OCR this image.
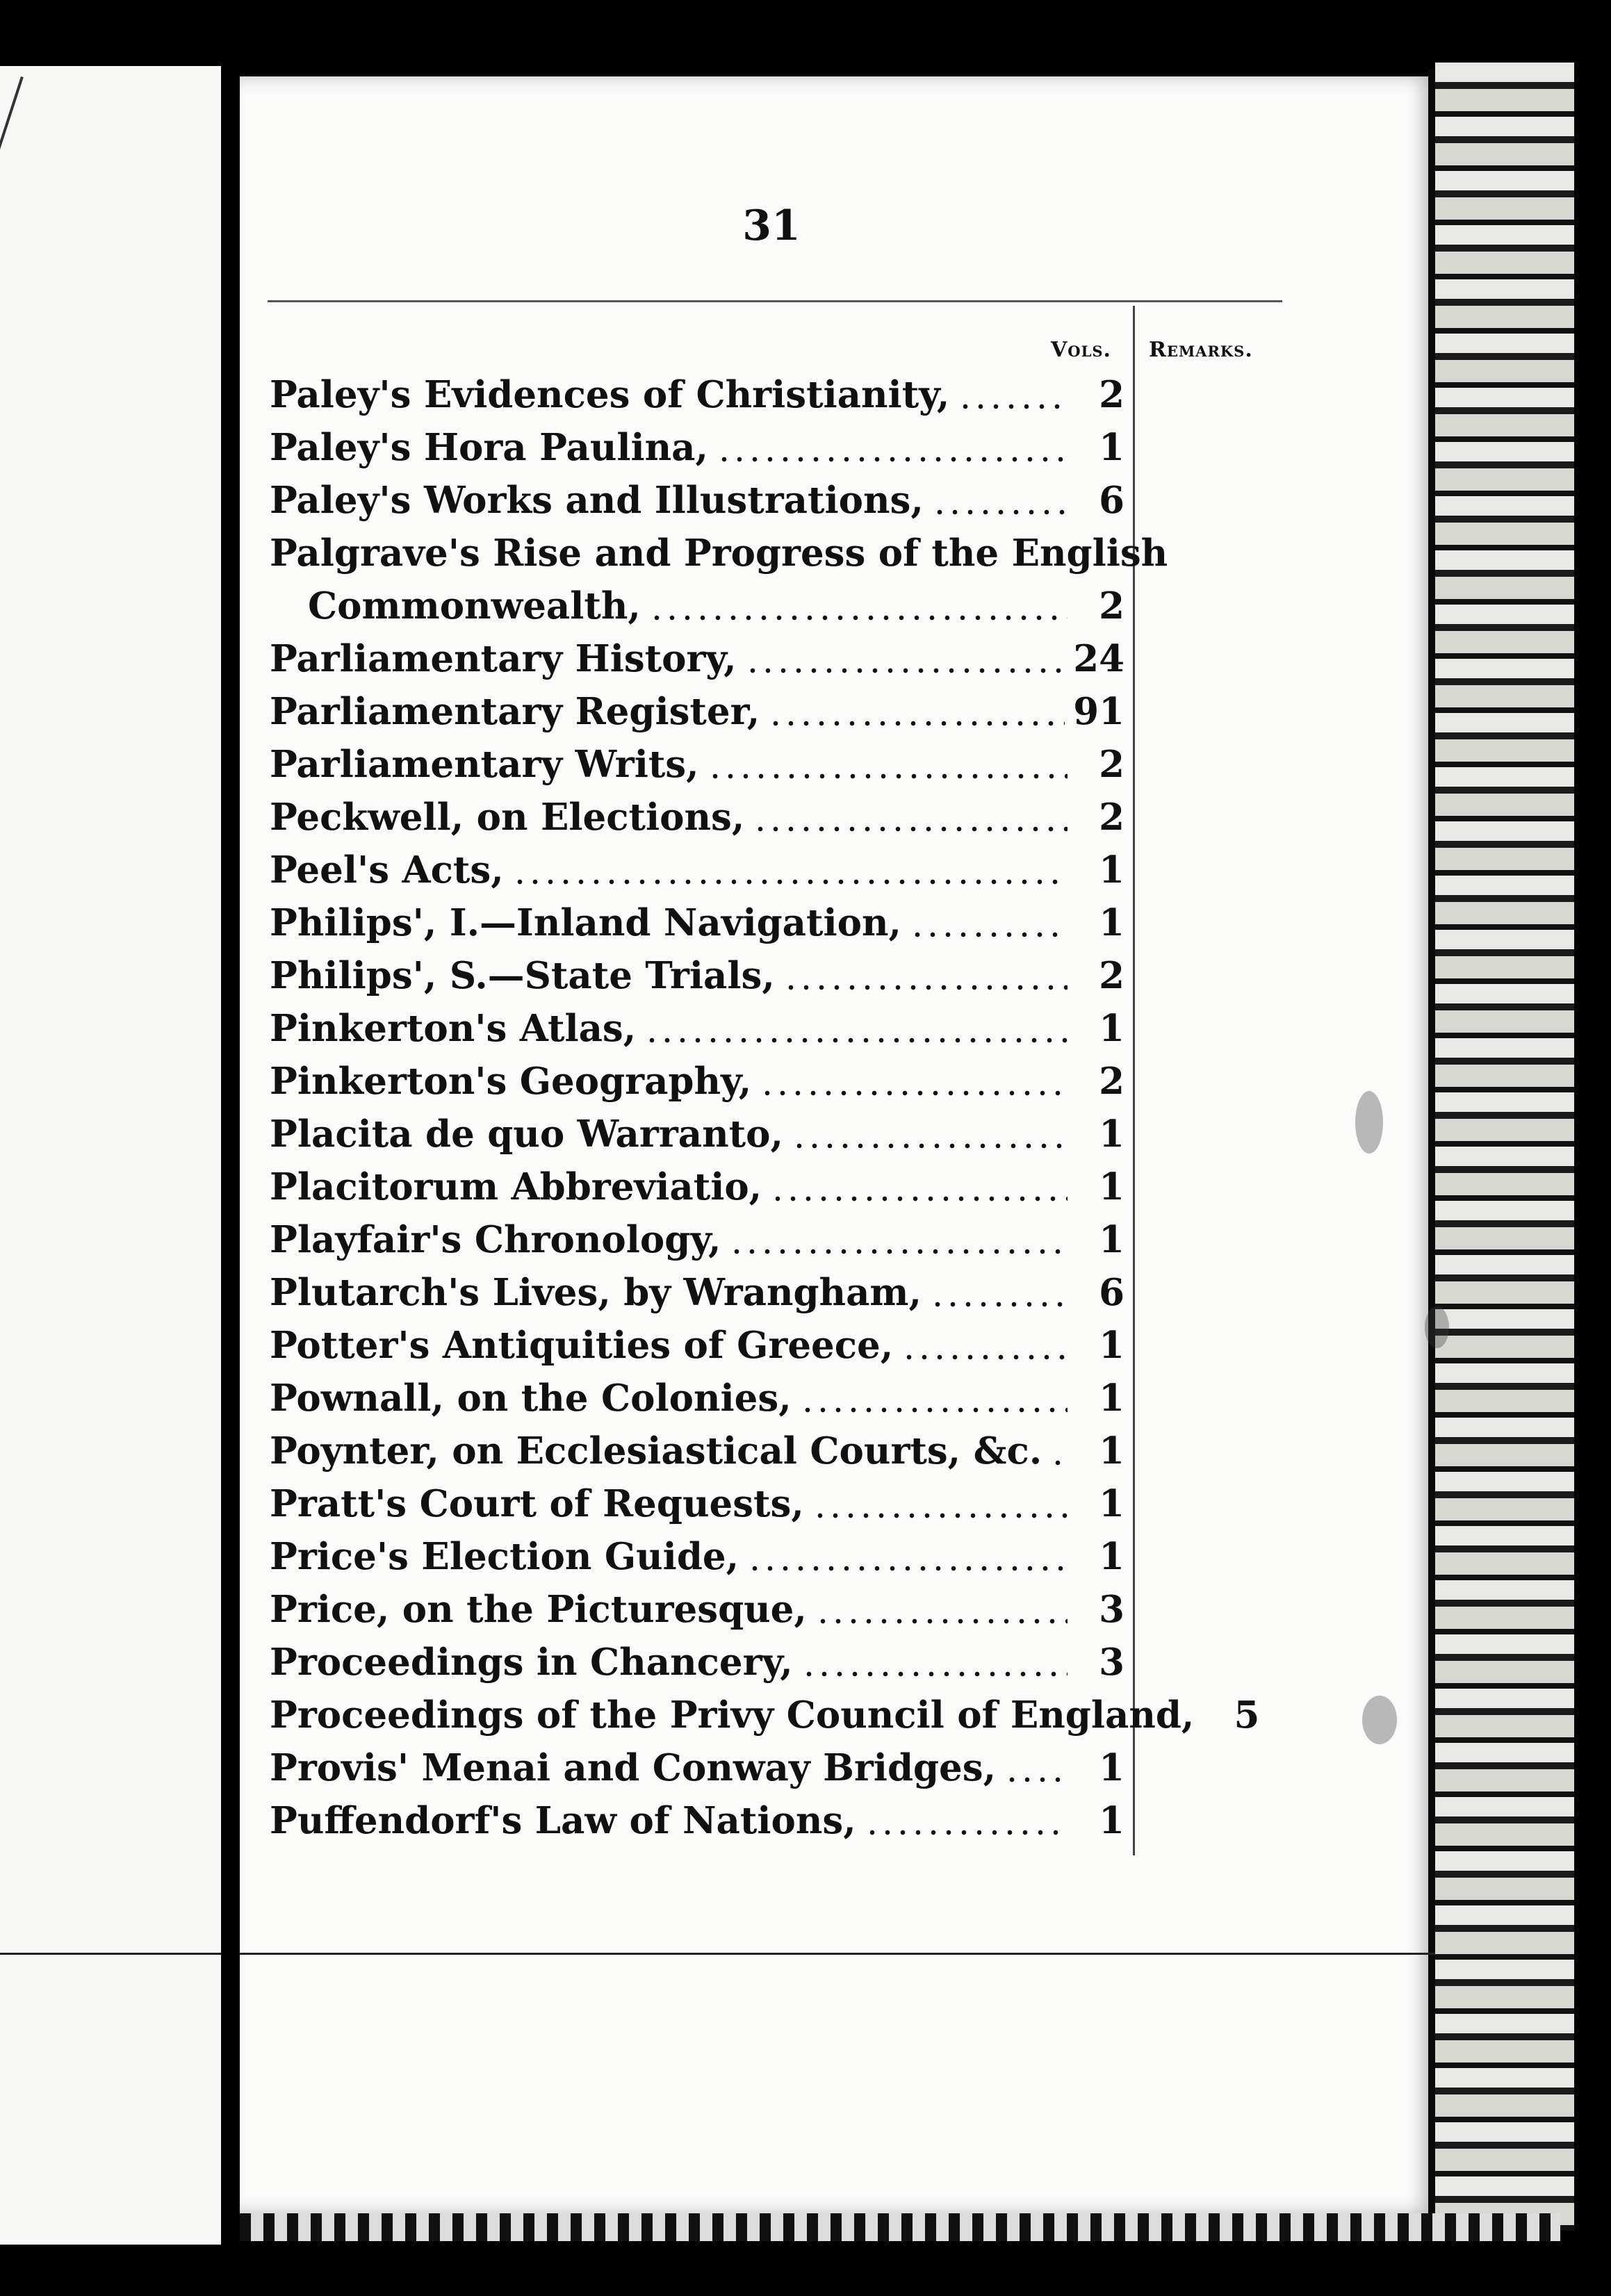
31
Vols. Remarks.
Paley's Evidences of Christianity,	2
Paley's Hora Paulina,	1
Paley's Works and Illustrations,	6
Palgrave's Rise and Progress of the English
Commonwealth,	2
Parliamentary History,	24
Parliamentary Register,	91
Parliamentary Writs,	2
Peckwell, on Elections,	2
Peel's Acts,	1
Philips', I.—Inland Navigation,	1
Philips', S.—State Trials,	2
Pinkerton's Atlas,	1
Pinkerton's Geography,	2
Placita de quo Warranto,	1
Placitorum Abbreviatio,	1
Playfair's Chronology,	1
Plutarch's Lives, by Wrangham,	6
Potter's Antiquities of Greece,	1
Pownall, on the Colonies,	1
Poynter, on Ecclesiastical Courts, &c.	1
Pratt's Court of Requests,	1
Price's Election Guide,	1
Price, on the Picturesque,	3
Proceedings in Chancery,	3
Proceedings of the Privy Council of England,	5
Provis' Menai and Conway Bridges,	1
Puffendorf's Law of Nations,	1
